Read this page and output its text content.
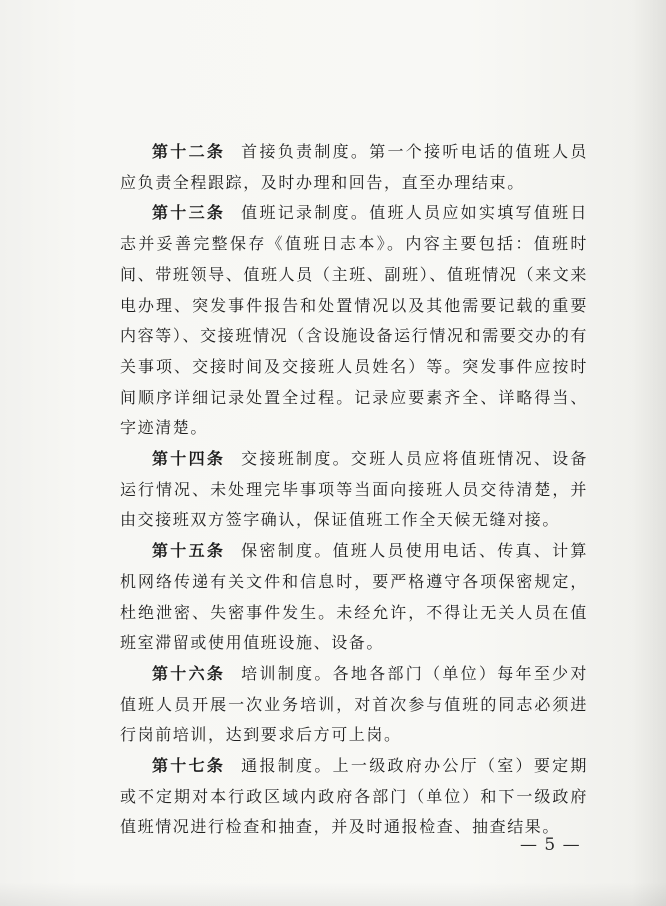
第十二条 首接负责制度。第一个接听电话的值班人员应负责全程跟踪，及时办理和回告，直至办理结束。

第十三条 值班记录制度。值班人员应如实填写值班日志并妥善完整保存《值班日志本》。内容主要包括：值班时间、带班领导、值班人员（主班、副班）、值班情况（来文来电办理、突发事件报告和处置情况以及其他需要记载的重要内容等）、交接班情况（含设施设备运行情况和需要交办的有关事项、交接时间及交接班人员姓名）等。突发事件应按时间顺序详细记录处置全过程。记录应要素齐全、详略得当、字迹清楚。

第十四条 交接班制度。交班人员应将值班情况、设备运行情况、未处理完毕事项等当面向接班人员交待清楚，并由交接班双方签字确认，保证值班工作全天候无缝对接。

第十五条 保密制度。值班人员使用电话、传真、计算机网络传递有关文件和信息时，要严格遵守各项保密规定，杜绝泄密、失密事件发生。未经允许，不得让无关人员在值班室滞留或使用值班设施、设备。

第十六条 培训制度。各地各部门（单位）每年至少对值班人员开展一次业务培训，对首次参与值班的同志必须进行岗前培训，达到要求后方可上岗。

第十七条 通报制度。上一级政府办公厅（室）要定期或不定期对本行政区域内政府各部门（单位）和下一级政府值班情况进行检查和抽查，并及时通报检查、抽查结果。

— 5 —
